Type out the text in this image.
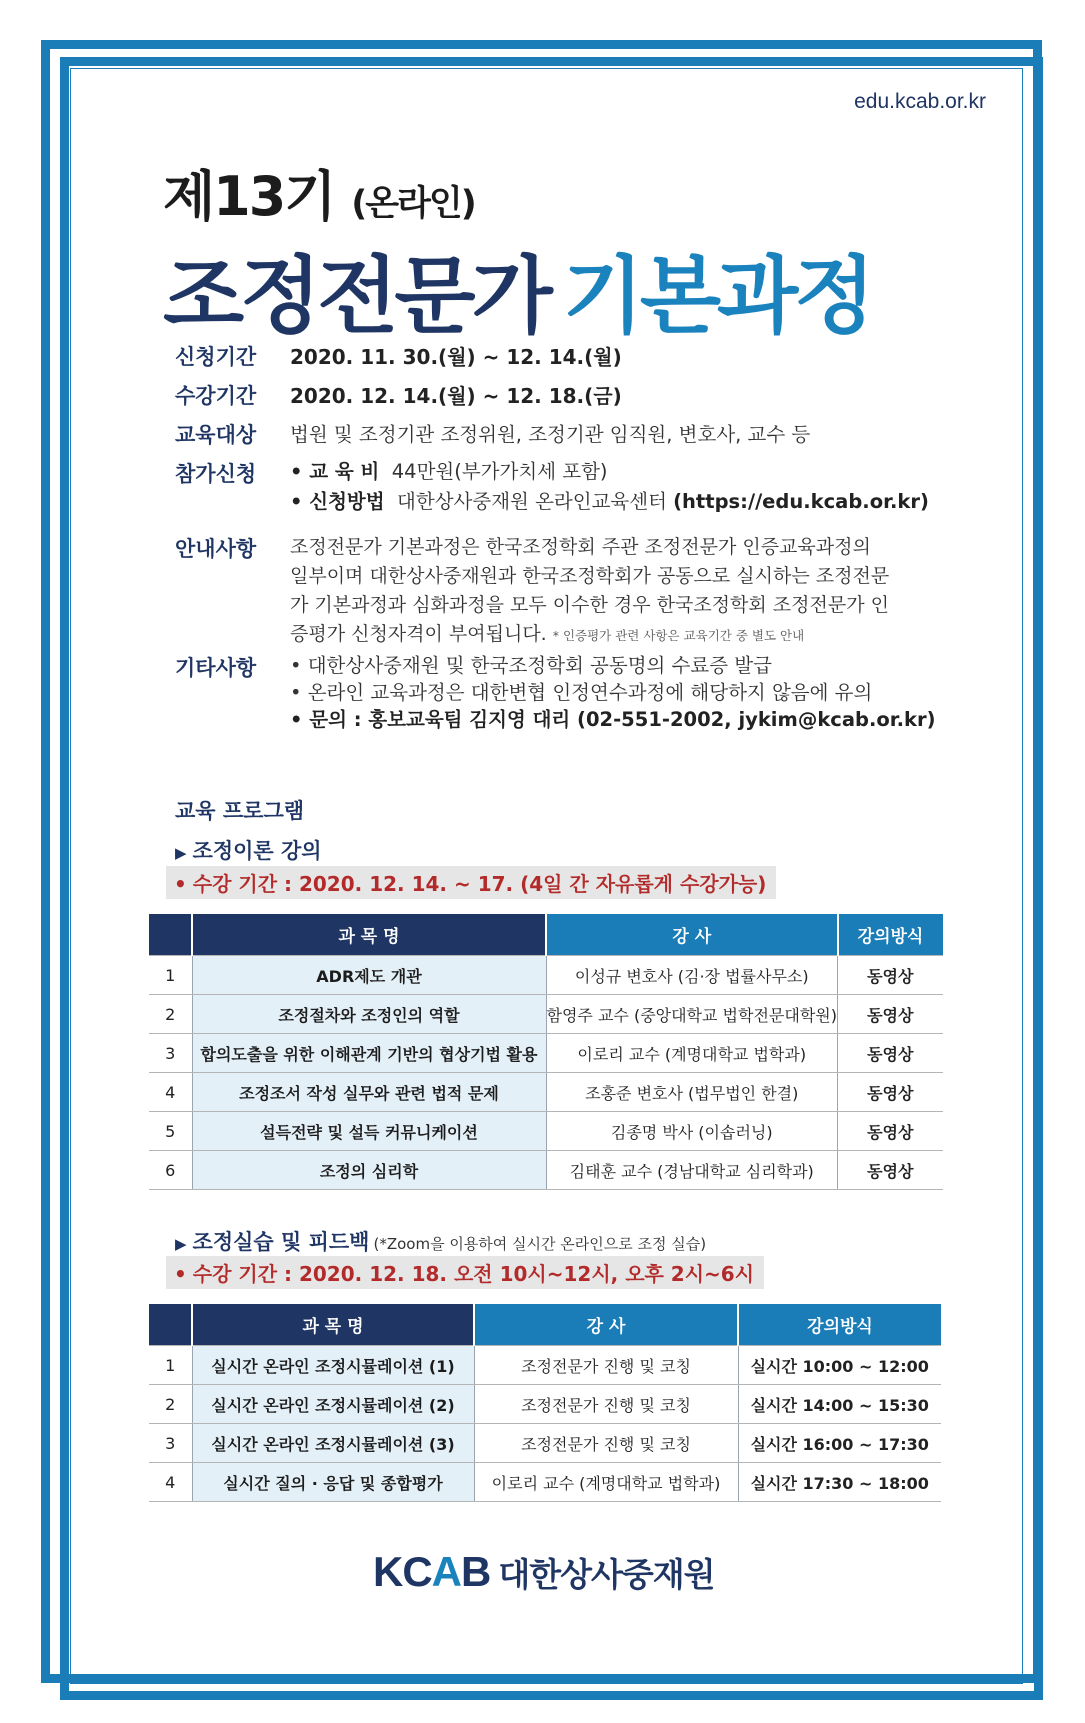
edu.kcab.or.kr
제13기 (온라인)
조정전문가 기본과정
신청기간 2020. 11. 30.(월) ~ 12. 14.(월)
수강기간 2020. 12. 14.(월) ~ 12. 18.(금)
교육대상 법원 및 조정기관 조정위원, 조정기관 임직원, 변호사, 교수 등
참가신청 • 교 육 비 44만원(부가가치세 포함)
• 신청방법 대한상사중재원 온라인교육센터 (https://edu.kcab.or.kr)
안내사항 조정전문가 기본과정은 한국조정학회 주관 조정전문가 인증교육과정의 일부이며 대한상사중재원과 한국조정학회가 공동으로 실시하는 조정전문가 기본과정과 심화과정을 모두 이수한 경우 한국조정학회 조정전문가 인증평가 신청자격이 부여됩니다. * 인증평가 관련 사항은 교육기간 중 별도 안내
기타사항 • 대한상사중재원 및 한국조정학회 공동명의 수료증 발급
• 온라인 교육과정은 대한변협 인정연수과정에 해당하지 않음에 유의
• 문의 : 홍보교육팀 김지영 대리 (02-551-2002, jykim@kcab.or.kr)
교육 프로그램
▶ 조정이론 강의
• 수강 기간 : 2020. 12. 14. ~ 17. (4일 간 자유롭게 수강가능)
	과 목 명	강 사	강의방식
1	ADR제도 개관	이성규 변호사 (김·장 법률사무소)	동영상
2	조정절차와 조정인의 역할	함영주 교수 (중앙대학교 법학전문대학원)	동영상
3	합의도출을 위한 이해관계 기반의 협상기법 활용	이로리 교수 (계명대학교 법학과)	동영상
4	조정조서 작성 실무와 관련 법적 문제	조홍준 변호사 (법무법인 한결)	동영상
5	설득전략 및 설득 커뮤니케이션	김종명 박사 (이솝러닝)	동영상
6	조정의 심리학	김태훈 교수 (경남대학교 심리학과)	동영상
▶ 조정실습 및 피드백 (*Zoom을 이용하여 실시간 온라인으로 조정 실습)
• 수강 기간 : 2020. 12. 18. 오전 10시~12시, 오후 2시~6시
	과 목 명	강 사	강의방식
1	실시간 온라인 조정시뮬레이션 (1)	조정전문가 진행 및 코칭	실시간 10:00 ~ 12:00
2	실시간 온라인 조정시뮬레이션 (2)	조정전문가 진행 및 코칭	실시간 14:00 ~ 15:30
3	실시간 온라인 조정시뮬레이션 (3)	조정전문가 진행 및 코칭	실시간 16:00 ~ 17:30
4	실시간 질의 · 응답 및 종합평가	이로리 교수 (계명대학교 법학과)	실시간 17:30 ~ 18:00
KCAB 대한상사중재원
